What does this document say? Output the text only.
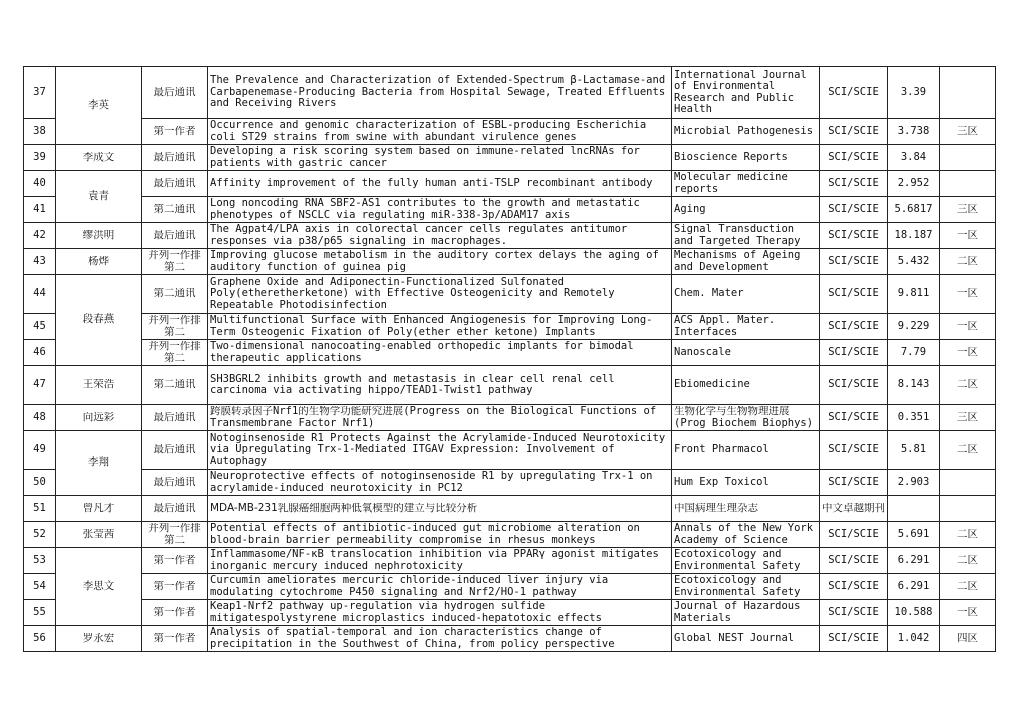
37	李英	最后通讯	The Prevalence and Characterization of Extended-Spectrum β-Lactamase-and Carbapenemase-Producing Bacteria from Hospital Sewage, Treated Effluents and Receiving Rivers	International Journal of Environmental Research and Public Health	SCI/SCIE	3.39	

38		第一作者	Occurrence and genomic characterization of ESBL-producing Escherichia coli ST29 strains from swine with abundant virulence genes	Microbial Pathogenesis	SCI/SCIE	3.738	三区

39	李成文	最后通讯	Developing a risk scoring system based on immune-related lncRNAs for patients with gastric cancer	Bioscience Reports	SCI/SCIE	3.84	

40	袁青	最后通讯	Affinity improvement of the fully human anti-TSLP recombinant antibody	Molecular medicine reports	SCI/SCIE	2.952	

41		第二通讯	Long noncoding RNA SBF2-AS1 contributes to the growth and metastatic phenotypes of NSCLC via regulating miR-338-3p/ADAM17 axis	Aging	SCI/SCIE	5.6817	三区

42	缪洪明	最后通讯	The Agpat4/LPA axis in colorectal cancer cells regulates antitumor responses via p38/p65 signaling in macrophages.	Signal Transduction and Targeted Therapy	SCI/SCIE	18.187	一区

43	杨烨	并列一作排第二	Improving glucose metabolism in the auditory cortex delays the aging of auditory function of guinea pig	Mechanisms of Ageing and Development	SCI/SCIE	5.432	二区

44	段春燕	第二通讯	Graphene Oxide and Adiponectin-Functionalized Sulfonated Poly(etheretherketone) with Effective Osteogenicity and Remotely Repeatable Photodisinfection	Chem. Mater	SCI/SCIE	9.811	一区

45		并列一作排第二	Multifunctional Surface with Enhanced Angiogenesis for Improving Long-Term Osteogenic Fixation of Poly(ether ether ketone) Implants	ACS Appl. Mater. Interfaces	SCI/SCIE	9.229	一区

46		并列一作排第二	Two-dimensional nanocoating-enabled orthopedic implants for bimodal therapeutic applications	Nanoscale	SCI/SCIE	7.79	一区

47	王荣浩	第二通讯	SH3BGRL2 inhibits growth and metastasis in clear cell renal cell carcinoma via activating hippo/TEAD1-Twist1 pathway	Ebiomedicine	SCI/SCIE	8.143	二区

48	向远彩	最后通讯	跨膜转录因子Nrf1的生物学功能研究进展(Progress on the Biological Functions of Transmembrane Factor Nrf1)	生物化学与生物物理进展(Prog Biochem Biophys)	SCI/SCIE	0.351	三区

49	李翔	最后通讯	Notoginsenoside R1 Protects Against the Acrylamide-Induced Neurotoxicity via Upregulating Trx-1-Mediated ITGAV Expression: Involvement of Autophagy	Front Pharmacol	SCI/SCIE	5.81	二区

50		最后通讯	Neuroprotective effects of notoginsenoside R1 by upregulating Trx-1 on acrylamide-induced neurotoxicity in PC12	Hum Exp Toxicol	SCI/SCIE	2.903	

51	曾凡才	最后通讯	MDA-MB-231乳腺癌细胞两种低氧模型的建立与比较分析	中国病理生理杂志	中文卓越期刊		

52	张莹茜	并列一作排第二	Potential effects of antibiotic-induced gut microbiome alteration on blood-brain barrier permeability compromise in rhesus monkeys	Annals of the New York Academy of Science	SCI/SCIE	5.691	二区

53	李思文	第一作者	Inflammasome/NF-κB translocation inhibition via PPARγ agonist mitigates inorganic mercury induced nephrotoxicity	Ecotoxicology and Environmental Safety	SCI/SCIE	6.291	二区

54		第一作者	Curcumin ameliorates mercuric chloride-induced liver injury via modulating cytochrome P450 signaling and Nrf2/HO-1 pathway	Ecotoxicology and Environmental Safety	SCI/SCIE	6.291	二区

55		第一作者	Keap1-Nrf2 pathway up-regulation via hydrogen sulfide mitigatespolystyrene microplastics induced-hepatotoxic effects	Journal of Hazardous Materials	SCI/SCIE	10.588	一区

56	罗永宏	第一作者	Analysis of spatial-temporal and ion characteristics change of precipitation in the Southwest of China, from policy perspective	Global NEST Journal	SCI/SCIE	1.042	四区
